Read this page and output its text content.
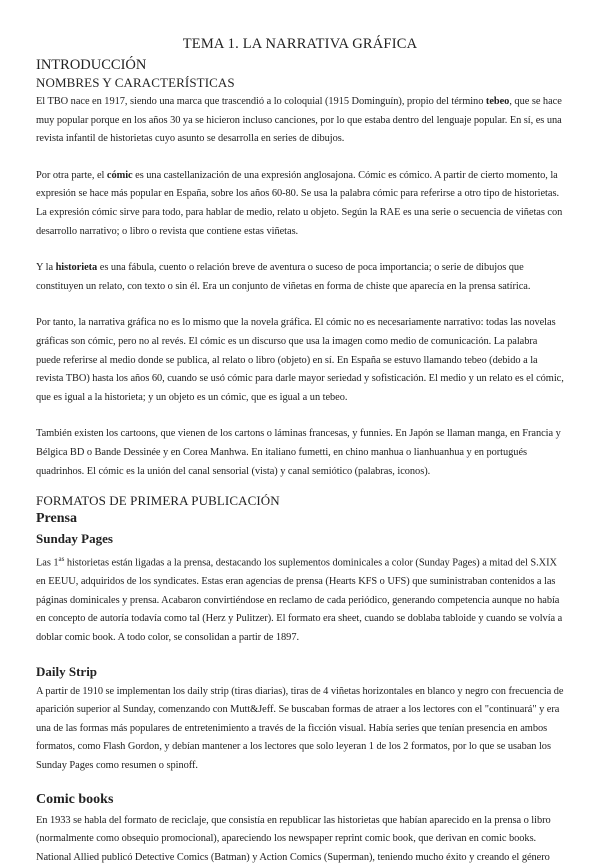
TEMA 1. LA NARRATIVA GRÁFICA
INTRODUCCIÓN
NOMBRES Y CARACTERÍSTICAS

El TBO nace en 1917, siendo una marca que trascendió a lo coloquial (1915 Dominguín), propio del término tebeo, que se hace muy popular porque en los años 30 ya se hicieron incluso canciones, por lo que estaba dentro del lenguaje popular. En sí, es una revista infantil de historietas cuyo asunto se desarrolla en series de dibujos.

Por otra parte, el cómic es una castellanización de una expresión anglosajona. Cómic es cómico. A partir de cierto momento, la expresión se hace más popular en España, sobre los años 60-80. Se usa la palabra cómic para referirse a otro tipo de historietas. La expresión cómic sirve para todo, para hablar de medio, relato u objeto. Según la RAE es una serie o secuencia de viñetas con desarrollo narrativo; o libro o revista que contiene estas viñetas.

Y la historieta es una fábula, cuento o relación breve de aventura o suceso de poca importancia; o serie de dibujos que constituyen un relato, con texto o sin él. Era un conjunto de viñetas en forma de chiste que aparecía en la prensa satírica.

Por tanto, la narrativa gráfica no es lo mismo que la novela gráfica. El cómic no es necesariamente narrativo: todas las novelas gráficas son cómic, pero no al revés. El cómic es un discurso que usa la imagen como medio de comunicación. La palabra puede referirse al medio donde se publica, al relato o libro (objeto) en sí. En España se estuvo llamando tebeo (debido a la revista TBO) hasta los años 60, cuando se usó cómic para darle mayor seriedad y sofisticación. El medio y un relato es el cómic, que es igual a la historieta; y un objeto es un cómic, que es igual a un tebeo.

También existen los cartoons, que vienen de los cartons o láminas francesas, y funnies. En Japón se llaman manga, en Francia y Bélgica BD o Bande Dessinée y en Corea Manhwa. En italiano fumetti, en chino manhua o lianhuanhua y en portugués quadrinhos. El cómic es la unión del canal sensorial (vista) y canal semiótico (palabras, iconos).

FORMATOS DE PRIMERA PUBLICACIÓN
Prensa
Sunday Pages

Las $1^{as}$ historietas están ligadas a la prensa, destacando los suplementos dominicales a color (Sunday Pages) a mitad del S.XIX en EEUU, adquiridos de los syndicates. Estas eran agencias de prensa (Hearts KFS o UFS) que suministraban contenidos a las páginas dominicales y prensa. Acabaron convirtiéndose en reclamo de cada periódico, generando competencia aunque no había en concepto de autoría todavía como tal (Herz y Pulitzer). El formato era sheet, cuando se doblaba tabloide y cuando se volvía a doblar comic book. A todo color, se consolidan a partir de 1897.

Daily Strip

A partir de 1910 se implementan los daily strip (tiras diarias), tiras de 4 viñetas horizontales en blanco y negro con frecuencia de aparición superior al Sunday, comenzando con Mutt&Jeff. Se buscaban formas de atraer a los lectores con el "continuará" y era una de las formas más populares de entretenimiento a través de la ficción visual. Había series que tenían presencia en ambos formatos, como Flash Gordon, y debían mantener a los lectores que solo leyeran 1 de los 2 formatos, por lo que se usaban los Sunday Pages como resumen o spinoff.

Comic books

En 1933 se habla del formato de reciclaje, que consistía en republicar las historietas que habían aparecido en la prensa o libro (normalmente como obsequio promocional), apareciendo los newspaper reprint comic book, que derivan en comic books. National Allied publicó Detective Comics (Batman) y Action Comics (Superman), teniendo mucho éxito y creando el género
